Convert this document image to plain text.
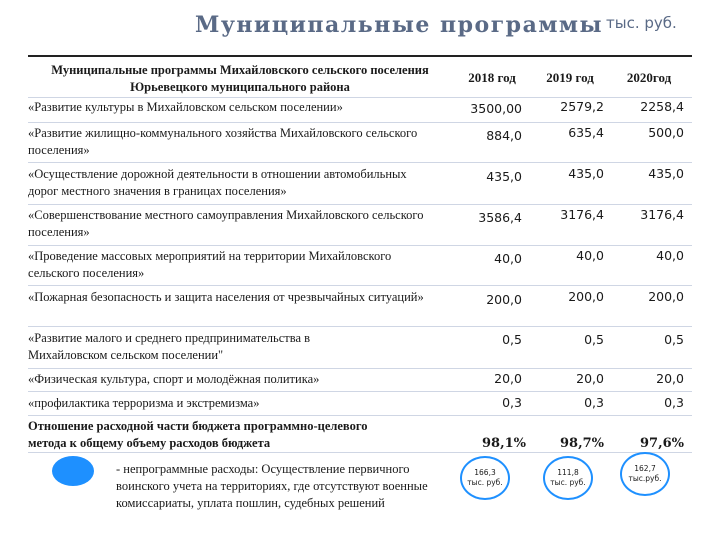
Муниципальные программы тыс. руб.
Муниципальные программы Михайловского сельского поселения Юрьевецкого муниципального района
2018 год	2019 год	2020год
«Развитие культуры в Михайловском сельском поселении»	3500,00	2579,2	2258,4
«Развитие жилищно-коммунального хозяйства Михайловского сельского поселения»
884,0	635,4	500,0
«Осуществление дорожной деятельности в отношении автомобильных дорог местного значения в границах поселения»
435,0	435,0	435,0
«Совершенствование местного самоуправления Михайловского сельского поселения»
3586,4	3176,4	3176,4
«Проведение массовых мероприятий на территории Михайловского сельского поселения»
40,0	40,0	40,0
«Пожарная безопасность и защита населения от чрезвычайных ситуаций»	200,0	200,0	200,0
«Развитие малого и среднего предпринимательства в Михайловском сельском поселении"
0,5	0,5	0,5
«Физическая культура, спорт и молодёжная политика»	20,0	20,0	20,0
«профилактика терроризма и экстремизма»	0,3	0,3	0,3
Отношение расходной части бюджета программно-целевого метода к общему объему расходов бюджета	98,1%	98,7%	97,6%
- непрограммные расходы: Осуществление первичного воинского учета на территориях, где отсутствуют военные комиссариаты, уплата пошлин, судебных решений
166,3
тыс. руб.
111,8
тыс. руб.
162,7
тыс.руб.
